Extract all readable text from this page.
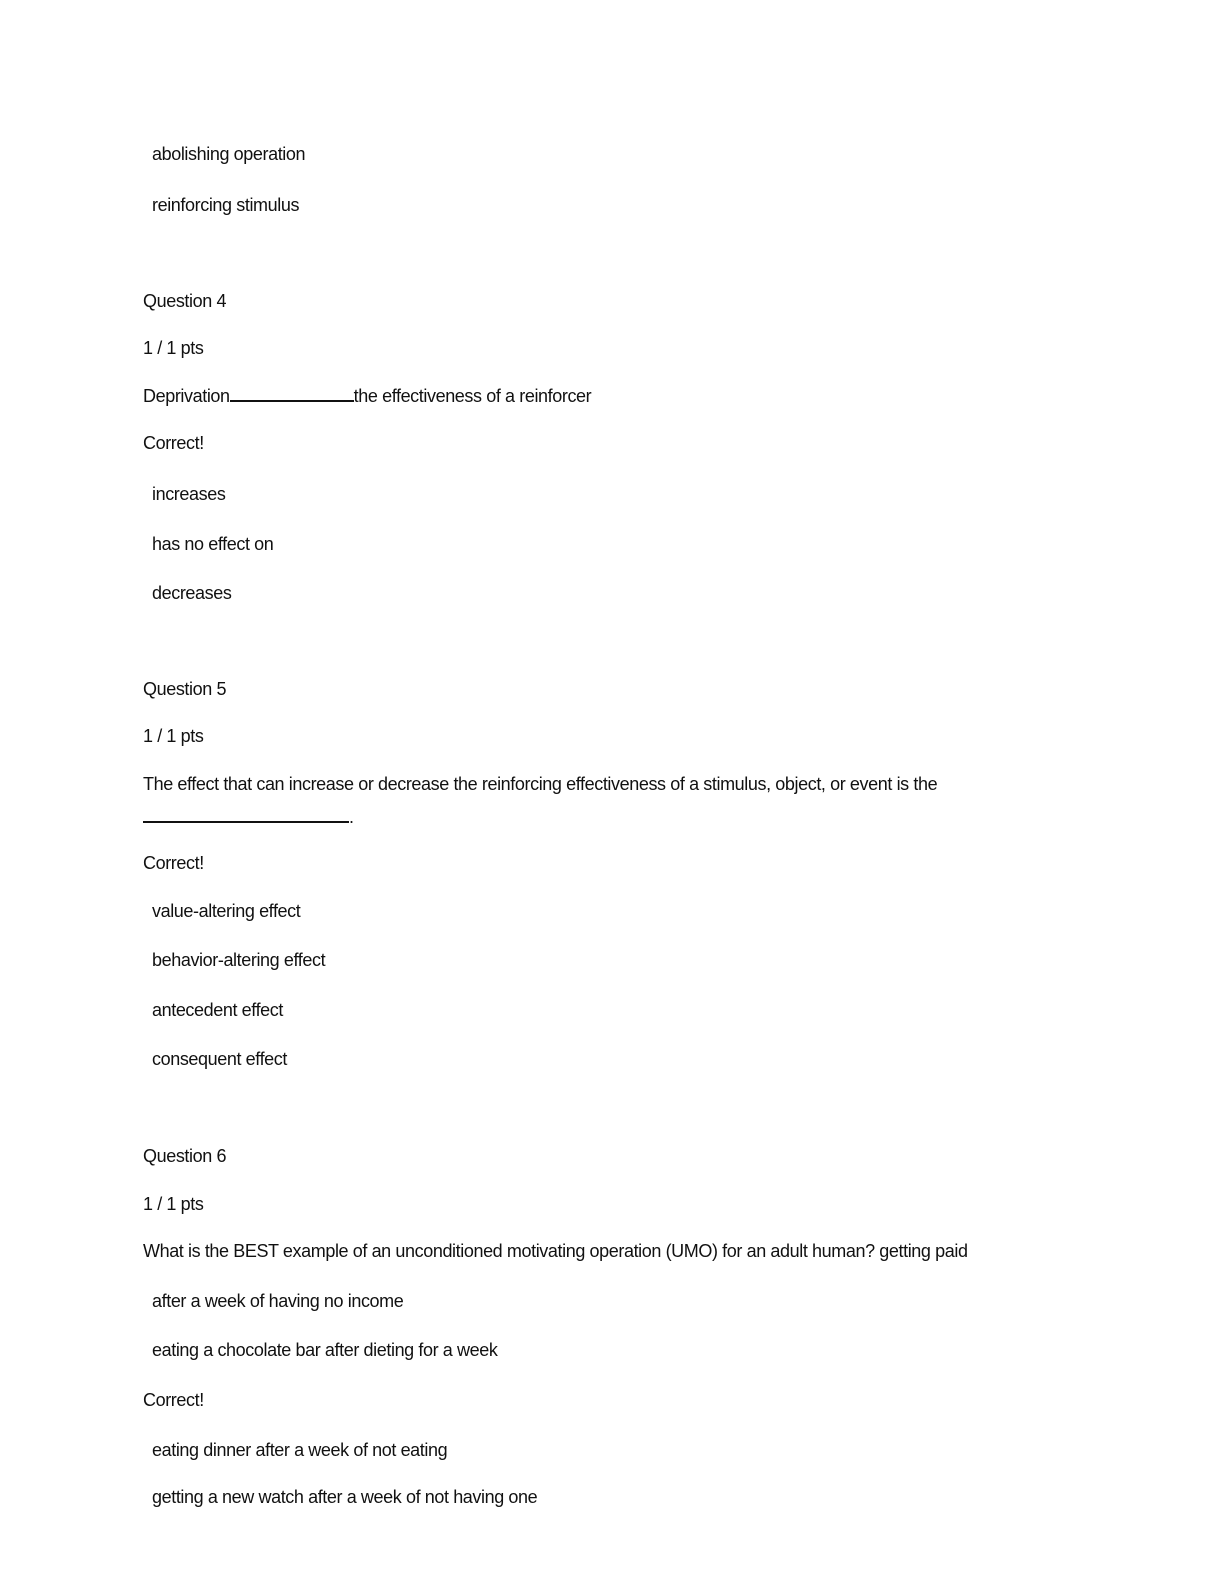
abolishing operation
reinforcing stimulus
Question 4
1 / 1 pts
Deprivation	the effectiveness of a reinforcer
Correct!
increases
has no effect on
decreases
Question 5
1 / 1 pts
The effect that can increase or decrease the reinforcing effectiveness of a stimulus, object, or event is the
.
Correct!
value-altering effect
behavior-altering effect
antecedent effect
consequent effect
Question 6
1 / 1 pts
What is the BEST example of an unconditioned motivating operation (UMO) for an adult human? getting paid
after a week of having no income
eating a chocolate bar after dieting for a week
Correct!
eating dinner after a week of not eating
getting a new watch after a week of not having one
